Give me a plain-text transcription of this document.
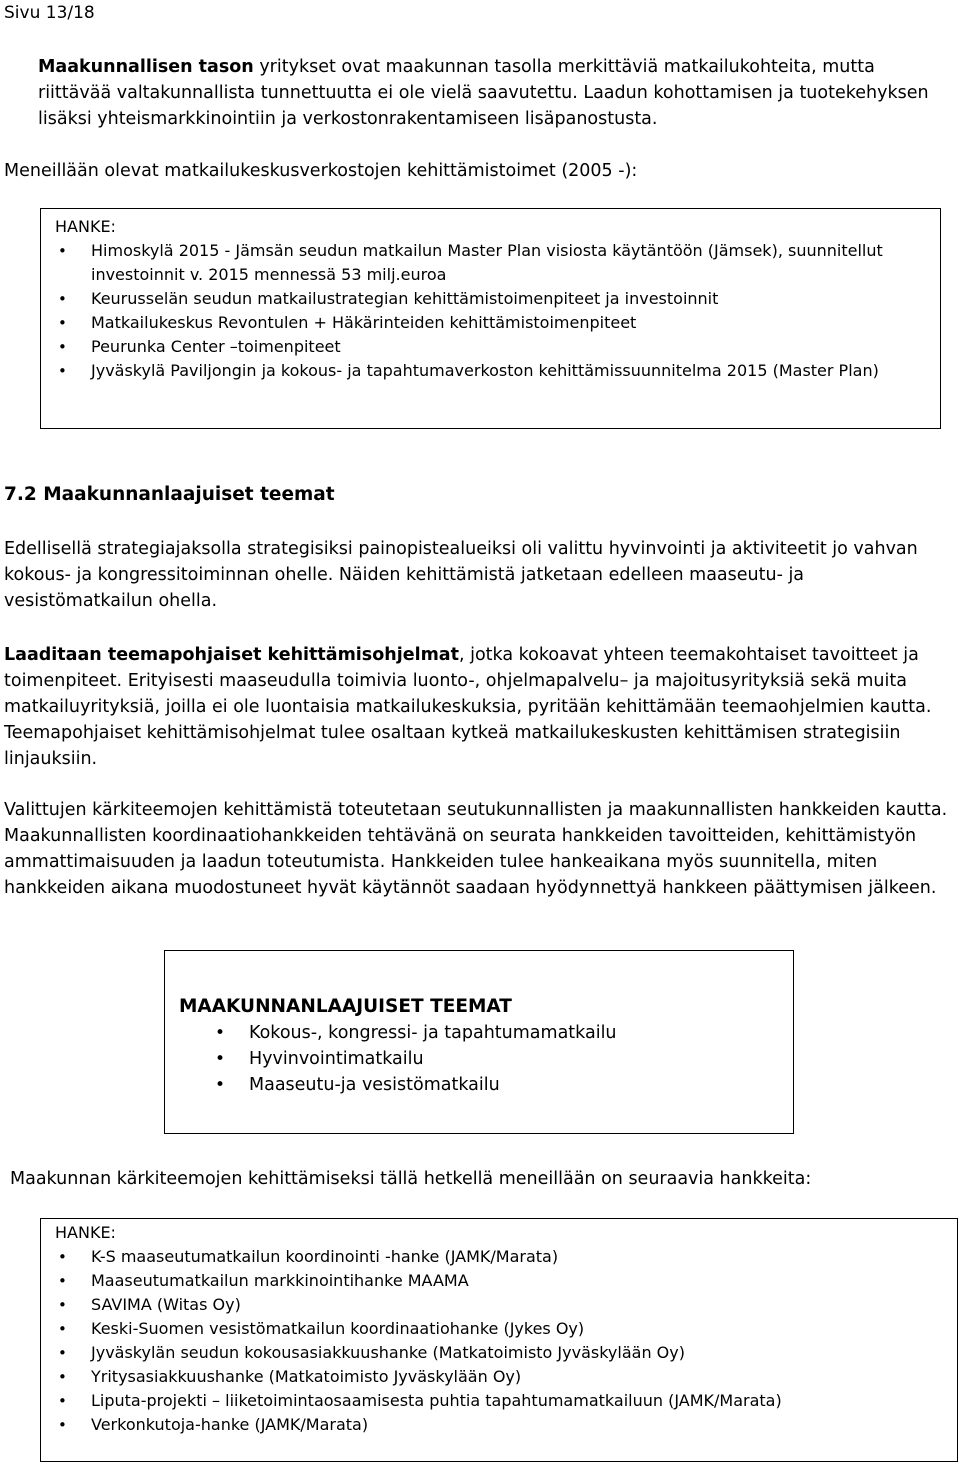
Sivu 13/18

Maakunnallisen tason yritykset ovat maakunnan tasolla merkittäviä matkailukohteita, mutta riittävää valtakunnallista tunnettuutta ei ole vielä saavutettu. Laadun kohottamisen ja tuotekehyksen lisäksi yhteismarkkinointiin ja verkostonrakentamiseen lisäpanostusta.

Meneillään olevat matkailukeskusverkostojen kehittämistoimet (2005 -):

HANKE:
• Himoskylä 2015 - Jämsän seudun matkailun Master Plan visiosta käytäntöön (Jämsek), suunnitellut investoinnit v. 2015 mennessä 53 milj.euroa
• Keurusselän seudun matkailustrategian kehittämistoimenpiteet ja investoinnit
• Matkailukeskus Revontulen + Häkärinteiden kehittämistoimenpiteet
• Peurunka Center –toimenpiteet
• Jyväskylä Paviljongin ja kokous- ja tapahtumaverkoston kehittämissuunnitelma 2015 (Master Plan)
7.2 Maakunnanlaajuiset teemat

Edellisellä strategiajaksolla strategisiksi painopistealueiksi oli valittu hyvinvointi ja aktiviteetit jo vahvan kokous- ja kongressitoiminnan ohelle. Näiden kehittämistä jatketaan edelleen maaseutu- ja vesistömatkailun ohella.

Laaditaan teemapohjaiset kehittämisohjelmat, jotka kokoavat yhteen teemakohtaiset tavoitteet ja toimenpiteet. Erityisesti maaseudulla toimivia luonto-, ohjelmapalvelu– ja majoitusyrityksiä sekä muita matkailuyrityksiä, joilla ei ole luontaisia matkailukeskuksia, pyritään kehittämään teemaohjelmien kautta. Teemapohjaiset kehittämisohjelmat tulee osaltaan kytkeä matkailukeskusten kehittämisen strategisiin linjauksiin.

Valittujen kärkiteemojen kehittämistä toteutetaan seutukunnallisten ja maakunnallisten hankkeiden kautta. Maakunnallisten koordinaatiohankkeiden tehtävänä on seurata hankkeiden tavoitteiden, kehittämistyön ammattimaisuuden ja laadun toteutumista. Hankkeiden tulee hankeaikana myös suunnitella, miten hankkeiden aikana muodostuneet hyvät käytännöt saadaan hyödynnettyä hankkeen päättymisen jälkeen.

MAAKUNNANLAAJUISET TEEMAT
• Kokous-, kongressi- ja tapahtumamatkailu
• Hyvinvointimatkailu
• Maaseutu-ja vesistömatkailu

Maakunnan kärkiteemojen kehittämiseksi tällä hetkellä meneillään on seuraavia hankkeita:

HANKE:
• K-S maaseutumatkailun koordinointi -hanke (JAMK/Marata)
• Maaseutumatkailun markkinointihanke MAAMA
• SAVIMA (Witas Oy)
• Keski-Suomen vesistömatkailun koordinaatiohanke (Jykes Oy)
• Jyväskylän seudun kokousasiakkuushanke (Matkatoimisto Jyväskylään Oy)
• Yritysasiakkuushanke (Matkatoimisto Jyväskylään Oy)
• Liputa-projekti – liiketoimintaosaamisesta puhtia tapahtumamatkailuun (JAMK/Marata)
• Verkonkutoja-hanke (JAMK/Marata)
